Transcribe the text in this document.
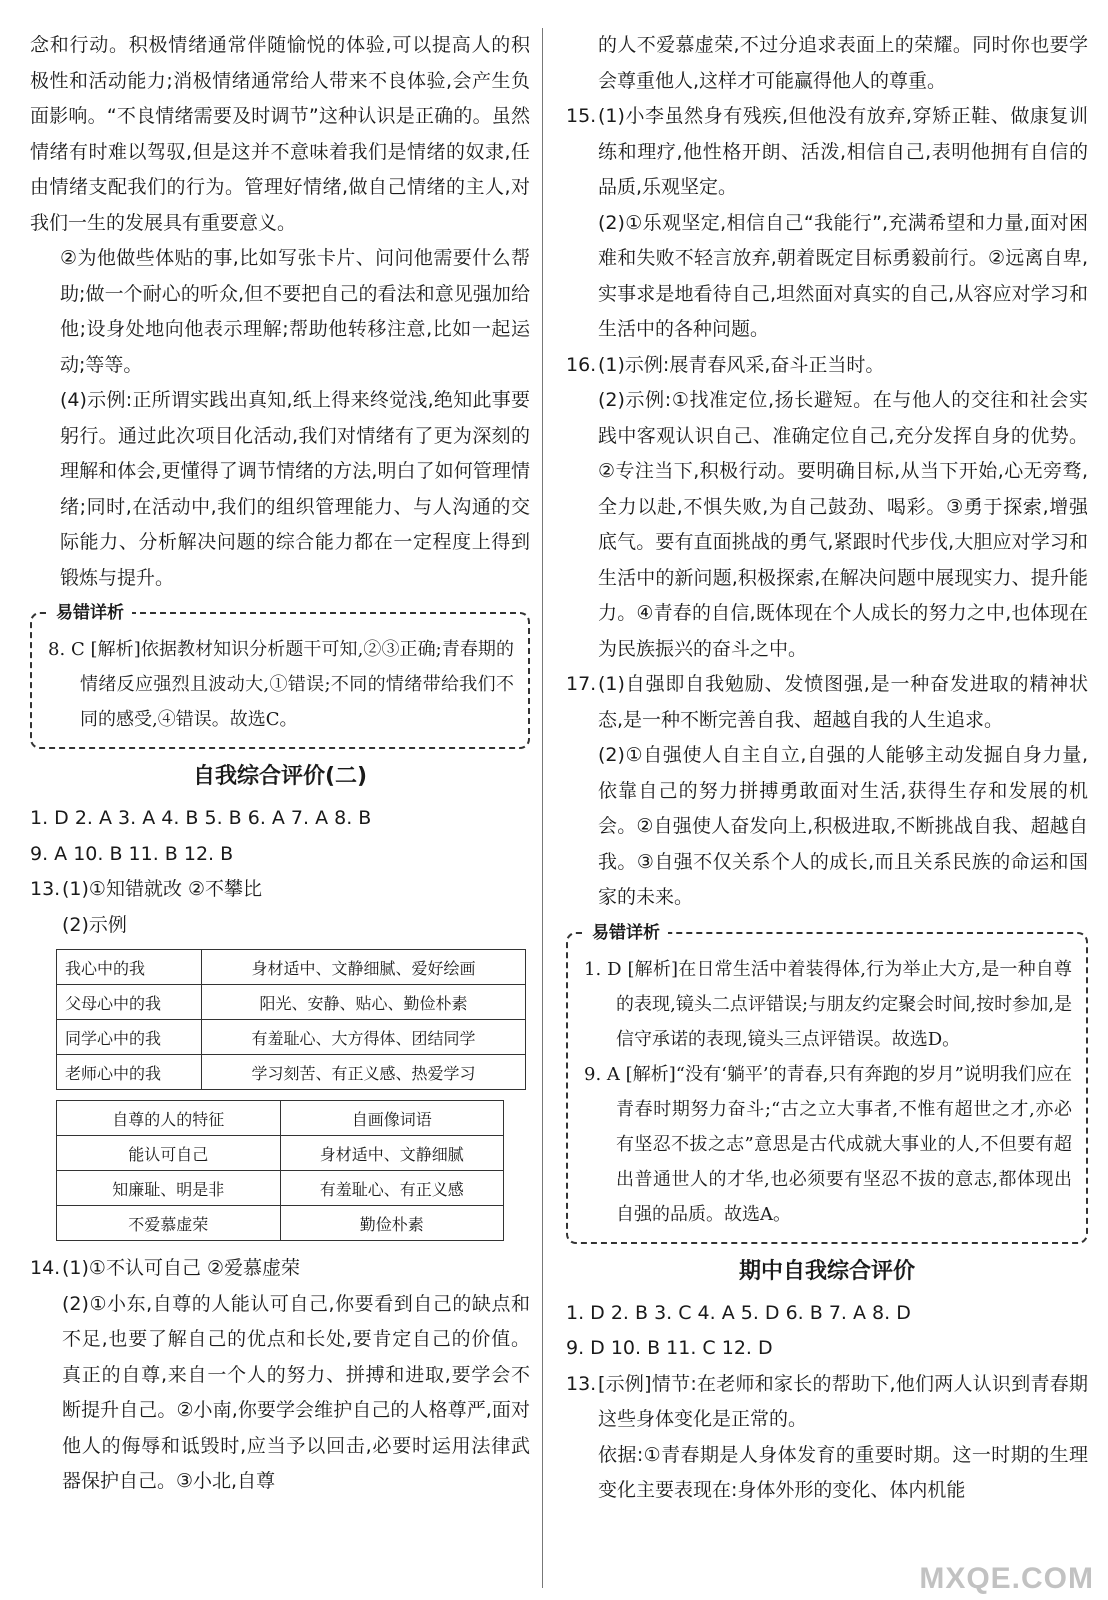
念和行动。积极情绪通常伴随愉悦的体验,可以提高人的积极性和活动能力;消极情绪通常给人带来不良体验,会产生负面影响。“不良情绪需要及时调节”这种认识是正确的。虽然情绪有时难以驾驭,但是这并不意味着我们是情绪的奴隶,任由情绪支配我们的行为。管理好情绪,做自己情绪的主人,对我们一生的发展具有重要意义。

②为他做些体贴的事,比如写张卡片、问问他需要什么帮助;做一个耐心的听众,但不要把自己的看法和意见强加给他;设身处地向他表示理解;帮助他转移注意,比如一起运动;等等。

(4)示例:正所谓实践出真知,纸上得来终觉浅,绝知此事要躬行。通过此次项目化活动,我们对情绪有了更为深刻的理解和体会,更懂得了调节情绪的方法,明白了如何管理情绪;同时,在活动中,我们的组织管理能力、与人沟通的交际能力、分析解决问题的综合能力都在一定程度上得到锻炼与提升。

易错详析

8. C [解析]依据教材知识分析题干可知,②③正确;青春期的情绪反应强烈且波动大,①错误;不同的情绪带给我们不同的感受,④错误。故选C。

自我综合评价(二)

1. D 2. A 3. A 4. B 5. B 6. A 7. A 8. B

9. A 10. B 11. B 12. B

13. (1)①知错就改 ②不攀比
(2)示例
我心中的我	身材适中、文静细腻、爱好绘画
父母心中的我	阳光、安静、贴心、勤俭朴素
同学心中的我	有羞耻心、大方得体、团结同学
老师心中的我	学习刻苦、有正义感、热爱学习
自尊的人的特征	自画像词语
能认可自己	身材适中、文静细腻
知廉耻、明是非	有羞耻心、有正义感
不爱慕虚荣	勤俭朴素
14. (1)①不认可自己 ②爱慕虚荣

(2)①小东,自尊的人能认可自己,你要看到自己的缺点和不足,也要了解自己的优点和长处,要肯定自己的价值。真正的自尊,来自一个人的努力、拼搏和进取,要学会不断提升自己。②小南,你要学会维护自己的人格尊严,面对他人的侮辱和诋毁时,应当予以回击,必要时运用法律武器保护自己。③小北,自尊

的人不爱慕虚荣,不过分追求表面上的荣耀。同时你也要学会尊重他人,这样才可能赢得他人的尊重。

15. (1)小李虽然身有残疾,但他没有放弃,穿矫正鞋、做康复训练和理疗,他性格开朗、活泼,相信自己,表明他拥有自信的品质,乐观坚定。

(2)①乐观坚定,相信自己“我能行”,充满希望和力量,面对困难和失败不轻言放弃,朝着既定目标勇毅前行。②远离自卑,实事求是地看待自己,坦然面对真实的自己,从容应对学习和生活中的各种问题。

16. (1)示例:展青春风采,奋斗正当时。

(2)示例:①找准定位,扬长避短。在与他人的交往和社会实践中客观认识自己、准确定位自己,充分发挥自身的优势。②专注当下,积极行动。要明确目标,从当下开始,心无旁骛,全力以赴,不惧失败,为自己鼓劲、喝彩。③勇于探索,增强底气。要有直面挑战的勇气,紧跟时代步伐,大胆应对学习和生活中的新问题,积极探索,在解决问题中展现实力、提升能力。④青春的自信,既体现在个人成长的努力之中,也体现在为民族振兴的奋斗之中。

17. (1)自强即自我勉励、发愤图强,是一种奋发进取的精神状态,是一种不断完善自我、超越自我的人生追求。

(2)①自强使人自主自立,自强的人能够主动发掘自身力量,依靠自己的努力拼搏勇敢面对生活,获得生存和发展的机会。②自强使人奋发向上,积极进取,不断挑战自我、超越自我。③自强不仅关系个人的成长,而且关系民族的命运和国家的未来。

易错详析

1. D [解析]在日常生活中着装得体,行为举止大方,是一种自尊的表现,镜头二点评错误;与朋友约定聚会时间,按时参加,是信守承诺的表现,镜头三点评错误。故选D。

9. A [解析]“没有‘躺平’的青春,只有奔跑的岁月”说明我们应在青春时期努力奋斗;“古之立大事者,不惟有超世之才,亦必有坚忍不拔之志”意思是古代成就大事业的人,不但要有超出普通世人的才华,也必须要有坚忍不拔的意志,都体现出自强的品质。故选A。

期中自我综合评价

1. D 2. B 3. C 4. A 5. D 6. B 7. A 8. D

9. D 10. B 11. C 12. D

13. [示例]情节:在老师和家长的帮助下,他们两人认识到青春期这些身体变化是正常的。

依据:①青春期是人身体发育的重要时期。这一时期的生理变化主要表现在:身体外形的变化、体内机能

MXQE.COM
